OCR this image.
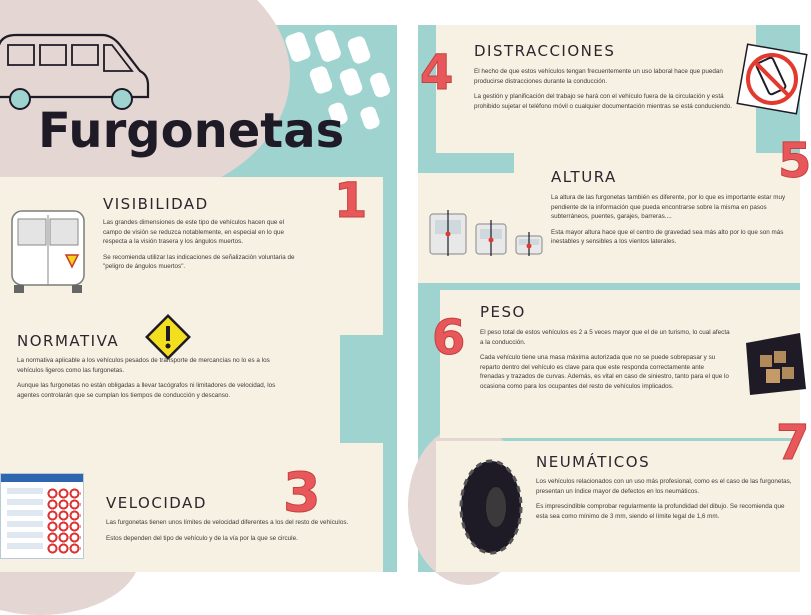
Furgonetas
VISIBILIDAD	1

Las grandes dimensiones de este tipo de vehículos hacen que el campo de visión se reduzca notablemente, en especial en lo que respecta a la visión trasera y los ángulos muertos.

Se recomienda utilizar las indicaciones de señalización voluntaria de "peligro de ángulos muertos".

NORMATIVA

La normativa aplicable a los vehículos pesados de transporte de mercancías no lo es a los vehículos ligeros como las furgonetas.

Aunque las furgonetas no están obligadas a llevar tacógrafos ni limitadores de velocidad, los agentes controlarán que se cumplan los tiempos de conducción y descanso.

VELOCIDAD 3

Las furgonetas tienen unos límites de velocidad diferentes a los del resto de vehículos.

Estos dependen del tipo de vehículo y de la vía por la que se circule.

4 DISTRACCIONES

El hecho de que estos vehículos tengan frecuentemente un uso laboral hace que puedan producirse distracciones durante la conducción.

La gestión y planificación del trabajo se hará con el vehículo fuera de la circulación y está prohibido sujetar el teléfono móvil o cualquier documentación mientras se está conduciendo.

ALTURA	5

La altura de las furgonetas también es diferente, por lo que es importante estar muy pendiente de la información que pueda encontrarse sobre la misma en pasos subterráneos, puentes, garajes, barreras....

Esta mayor altura hace que el centro de gravedad sea más alto por lo que son más inestables y sensibles a los vientos laterales.

6 PESO

El peso total de estos vehículos es 2 a 5 veces mayor que el de un turismo, lo cual afecta a la conducción.

Cada vehículo tiene una masa máxima autorizada que no se puede sobrepasar y su reparto dentro del vehículo es clave para que este responda correctamente ante frenadas y trazados de curvas. Además, es vital en caso de siniestro, tanto para el que lo ocasiona como para los ocupantes del resto de vehículos implicados.

7
NEUMÁTICOS

Los vehículos relacionados con un uso más profesional, como es el caso de las furgonetas, presentan un índice mayor de defectos en los neumáticos.

Es imprescindible comprobar regularmente la profundidad del dibujo. Se recomienda que esta sea como mínimo de 3 mm, siendo el límite legal de 1,6 mm.
